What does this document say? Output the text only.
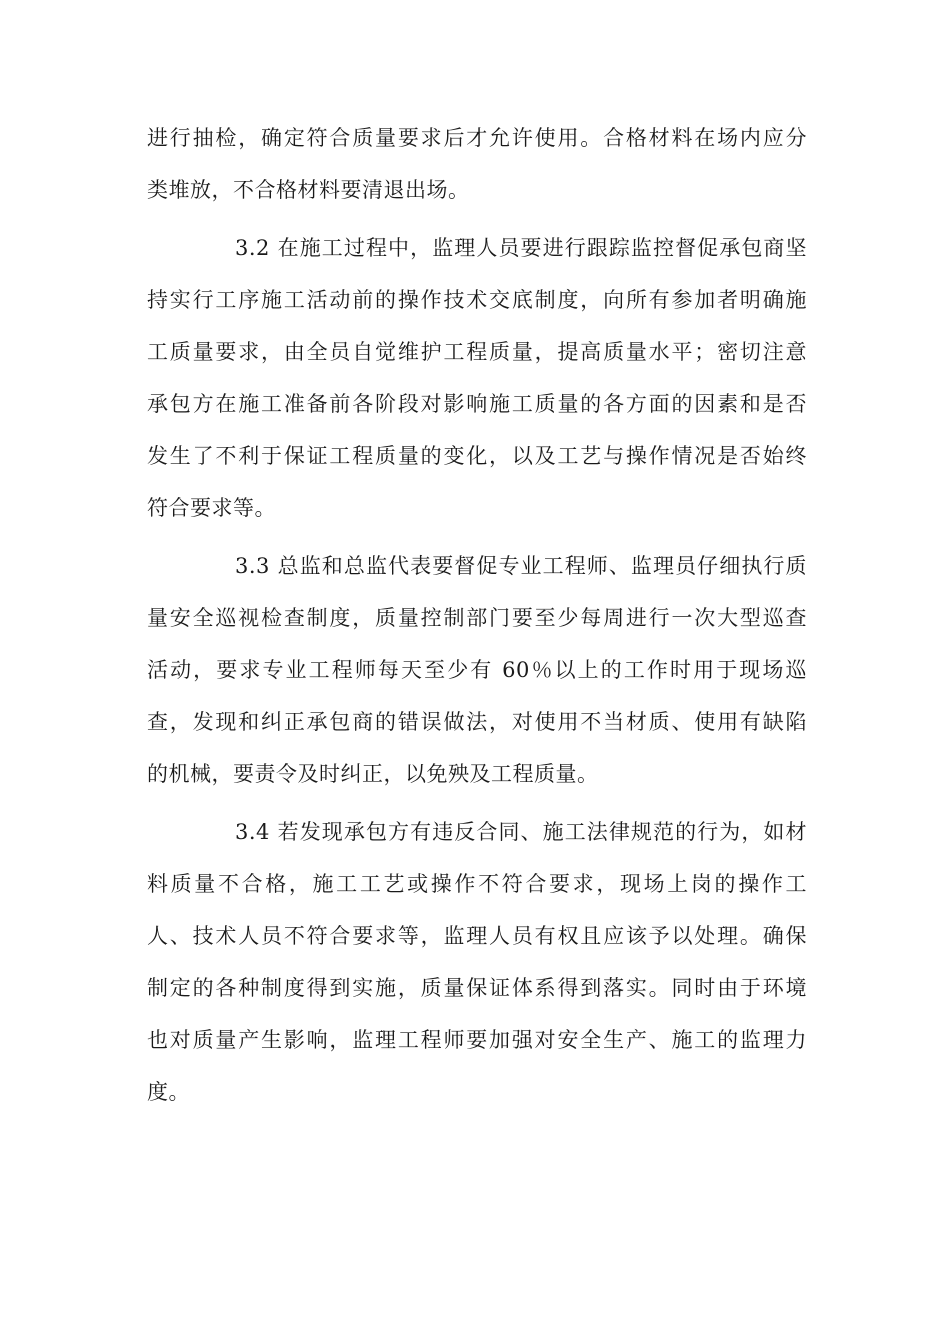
进行抽检，确定符合质量要求后才允许使用。合格材料在场内应分
类堆放，不合格材料要清退出场。

3.2 在施工过程中，监理人员要进行跟踪监控督促承包商坚
持实行工序施工活动前的操作技术交底制度，向所有参加者明确施
工质量要求，由全员自觉维护工程质量，提高质量水平；密切注意
承包方在施工准备前各阶段对影响施工质量的各方面的因素和是否
发生了不利于保证工程质量的变化，以及工艺与操作情况是否始终
符合要求等。

3.3 总监和总监代表要督促专业工程师、监理员仔细执行质
量安全巡视检查制度，质量控制部门要至少每周进行一次大型巡查
活动，要求专业工程师每天至少有 60％以上的工作时用于现场巡
查，发现和纠正承包商的错误做法，对使用不当材质、使用有缺陷
的机械，要责令及时纠正，以免殃及工程质量。

3.4 若发现承包方有违反合同、施工法律规范的行为，如材
料质量不合格，施工工艺或操作不符合要求，现场上岗的操作工
人、技术人员不符合要求等，监理人员有权且应该予以处理。确保
制定的各种制度得到实施，质量保证体系得到落实。同时由于环境
也对质量产生影响，监理工程师要加强对安全生产、施工的监理力
度。
